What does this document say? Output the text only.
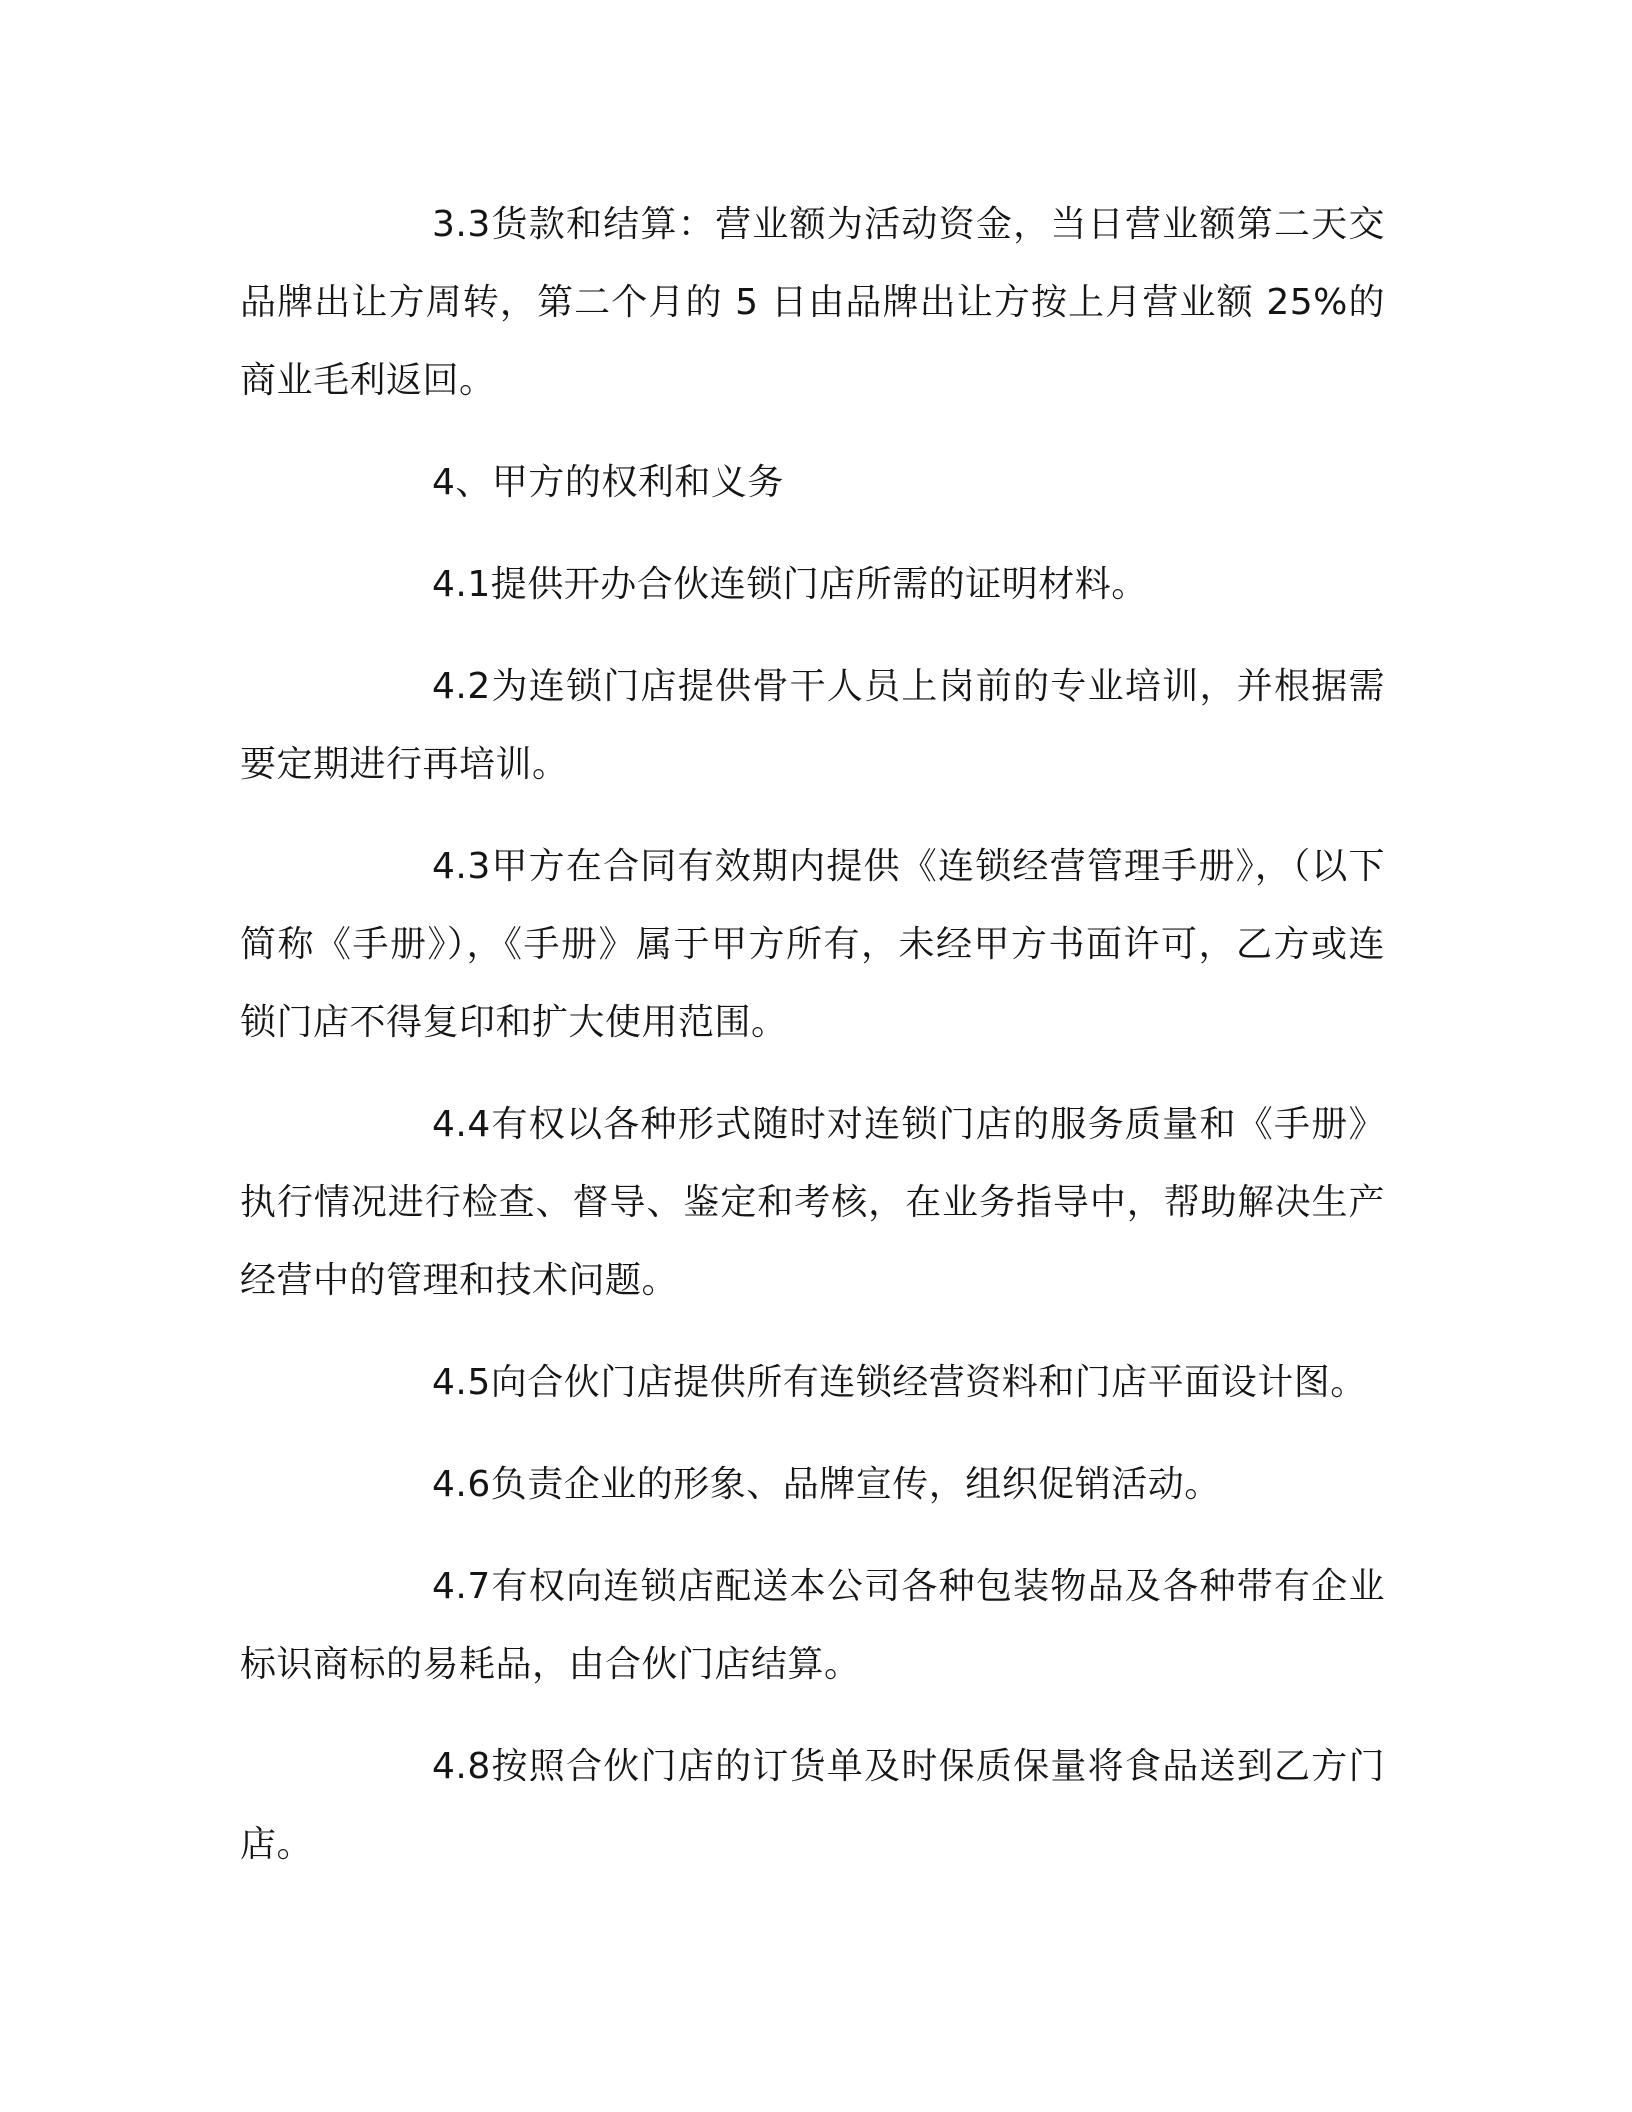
3.3货款和结算：营业额为活动资金，当日营业额第二天交品牌出让方周转，第二个月的 5 日由品牌出让方按上月营业额 25%的商业毛利返回。

4、甲方的权利和义务

4.1提供开办合伙连锁门店所需的证明材料。

4.2为连锁门店提供骨干人员上岗前的专业培训，并根据需要定期进行再培训。

4.3甲方在合同有效期内提供《连锁经营管理手册》，（以下简称《手册》），《手册》属于甲方所有，未经甲方书面许可，乙方或连锁门店不得复印和扩大使用范围。

4.4有权以各种形式随时对连锁门店的服务质量和《手册》执行情况进行检查、督导、鉴定和考核，在业务指导中，帮助解决生产经营中的管理和技术问题。

4.5向合伙门店提供所有连锁经营资料和门店平面设计图。

4.6负责企业的形象、品牌宣传，组织促销活动。

4.7有权向连锁店配送本公司各种包装物品及各种带有企业标识商标的易耗品，由合伙门店结算。

4.8按照合伙门店的订货单及时保质保量将食品送到乙方门店。
